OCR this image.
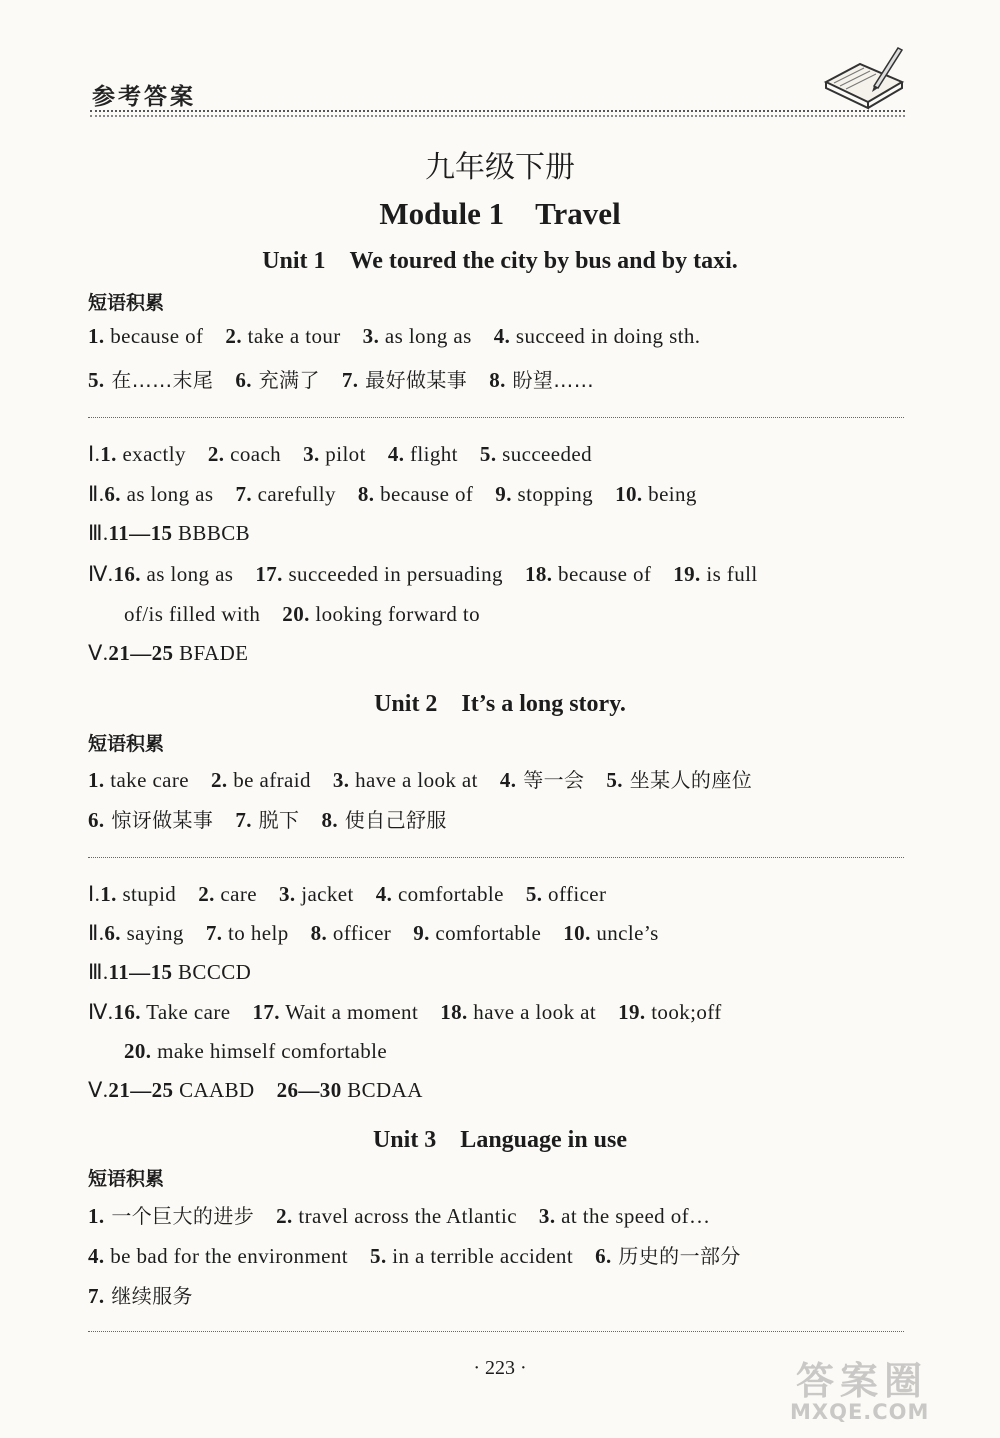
参考答案
九年级下册
Module 1　Travel
Unit 1　We toured the city by bus and by taxi.
短语积累
1. because of 2. take a tour 3. as long as 4. succeed in doing sth.
5. 在……末尾 6. 充满了 7. 最好做某事 8. 盼望……
Ⅰ.1. exactly 2. coach 3. pilot 4. flight 5. succeeded
Ⅱ.6. as long as 7. carefully 8. because of 9. stopping 10. being
Ⅲ.11—15 BBBCB
Ⅳ.16. as long as 17. succeeded in persuading 18. because of 19. is full
of/is filled with 20. looking forward to
Ⅴ.21—25 BFADE
Unit 2　It’s a long story.
短语积累
1. take care 2. be afraid 3. have a look at 4. 等一会 5. 坐某人的座位
6. 惊讶做某事 7. 脱下 8. 使自己舒服
Ⅰ.1. stupid 2. care 3. jacket 4. comfortable 5. officer
Ⅱ.6. saying 7. to help 8. officer 9. comfortable 10. uncle’s
Ⅲ.11—15 BCCCD
Ⅳ.16. Take care 17. Wait a moment 18. have a look at 19. took;off
20. make himself comfortable
Ⅴ.21—25 CAABD 26—30 BCDAA
Unit 3　Language in use
短语积累
1. 一个巨大的进步 2. travel across the Atlantic 3. at the speed of…
4. be bad for the environment 5. in a terrible accident 6. 历史的一部分
7. 继续服务
· 223 ·	答案圈
MXQE.COM
